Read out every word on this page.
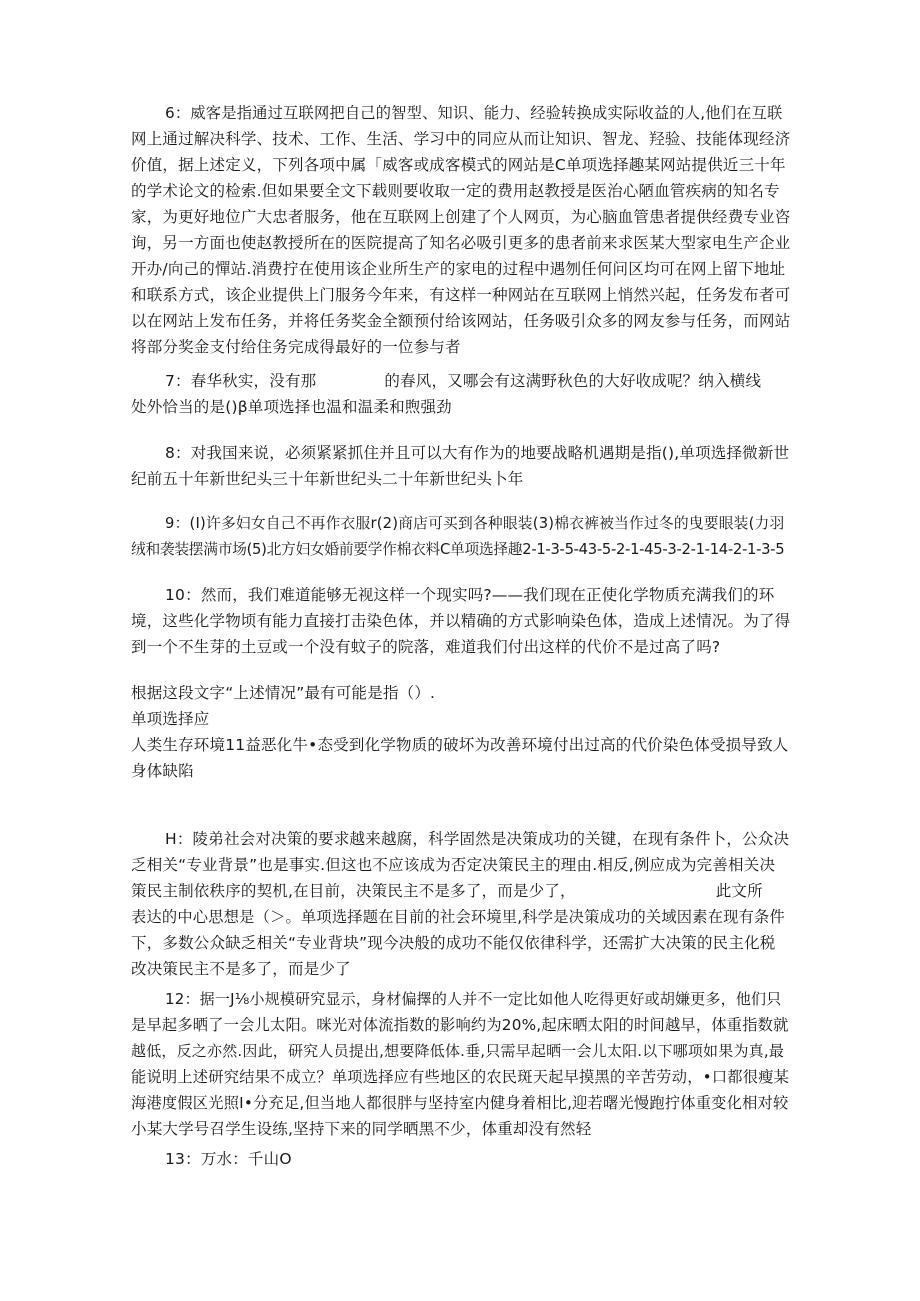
6：威客是指通过互联网把自己的智型、知识、能力、经验转换成实际收益的人,他们在互联
网上通过解决科学、技术、工作、生活、学习中的同应从而让知识、智龙、羟验、技能体现经济
价值，据上述定义，下列各项中属「威客或成客模式的网站是C单项选择趣某网站提供近三十年
的学术论文的检索.但如果要全文下载则要收取一定的费用赵教授是医治心陋血管疾病的知名专
家，为更好地位广大忠者服务，他在互联网上创建了个人网页，为心脑血管患者提供经费专业咨
询，另一方面也使赵教授所在的医院提高了知名必吸引更多的患者前来求医某大型家电生产企业
开办/向己的憚站.消费拧在使用该企业所生产的家电的过程中遇刎任何问区均可在网上留下地址
和联系方式，该企业提供上门服务今年来，有这样一种网站在互联网上悄然兴起，任务发布者可
以在网站上发布任务，并将任务奖金全额预付给该网站，任务吸引众多的网友参与任务，而网站
将部分奖金支付给住务完成得最好的一位参与者
7：春华秋实，没有那	的春风，又哪会有这满野秋色的大好收成呢？纳入横线
处外恰当的是()β单项选择也温和温柔和煦强劲
8：对我国来说，必须紧紧抓住并且可以大有作为的地要战略机遇期是指(),单项选择微新世
纪前五十年新世纪头三十年新世纪头二十年新世纪头卜年
9：(I)许多妇女自己不再作衣服r(2)商店可买到各种眼装(3)棉衣裤被当作过冬的曳要眼装(力羽
绒和袭装摆满市场(5)北方妇女婚前要学作棉衣料C单项选择趣2-1-3-5-43-5-2-1-45-3-2-1-14-2-1-3-5
10：然而，我们难道能够无视这样一个现实吗?——我们现在正使化学物质充满我们的环
境，这些化学物顷有能力直接打击染色体，并以精确的方式影响染色体，造成上述情况。为了得
到一个不生芽的土豆或一个没有蚊子的院落，难道我们付出这样的代价不是过高了吗?
根据这段文字“上述情况”最有可能是指（）.
单项选择应
人类生存环境11益恶化牛•态受到化学物质的破坏为改善环境付出过高的代价染色体受损导致人
身体缺陷
H：陵弟社会对决策的要求越来越腐，科学固然是决策成功的关键，在现有条件卜，公众决
乏相关“专业背景”也是事实.但这也不应该成为否定决策民主的理由.相反,例应成为完善相关决
策民主制依秩序的契机,在目前，决策民主不是多了，而是少了，	此文所
表达的中心思想是（＞。单项选择题在目前的社会环境里,科学是决策成功的关域因素在现有条件
下，多数公众缺乏相关“专业背块”现今决般的成功不能仅依律科学，还需扩大决策的民主化税
改决策民主不是多了，而是少了
12：据一J⅛小规模研究显示，身材偏擇的人并不一定比如他人吃得更好或胡嫌更多，他们只
是早起多晒了一会儿太阳。咪光对体流指数的影响约为20%,起床晒太阳的时间越早，体重指数就
越低，反之亦然.因此，研究人员提出,想要降低体.垂,只需早起晒一会儿太阳.以下哪项如果为真,最
能说明上述研究结果不成立？单项选择应有些地区的农民斑天起早摸黑的辛苦劳动，•口都很瘦某
海港度假区光照I•分充足,但当地人都很胖与坚持室内健身着相比,迎若曙光慢跑拧体重变化相对较
小某大学号召学生设练,坚持下来的同学晒黑不少，体重却没有然轻
13：万水：千山O
